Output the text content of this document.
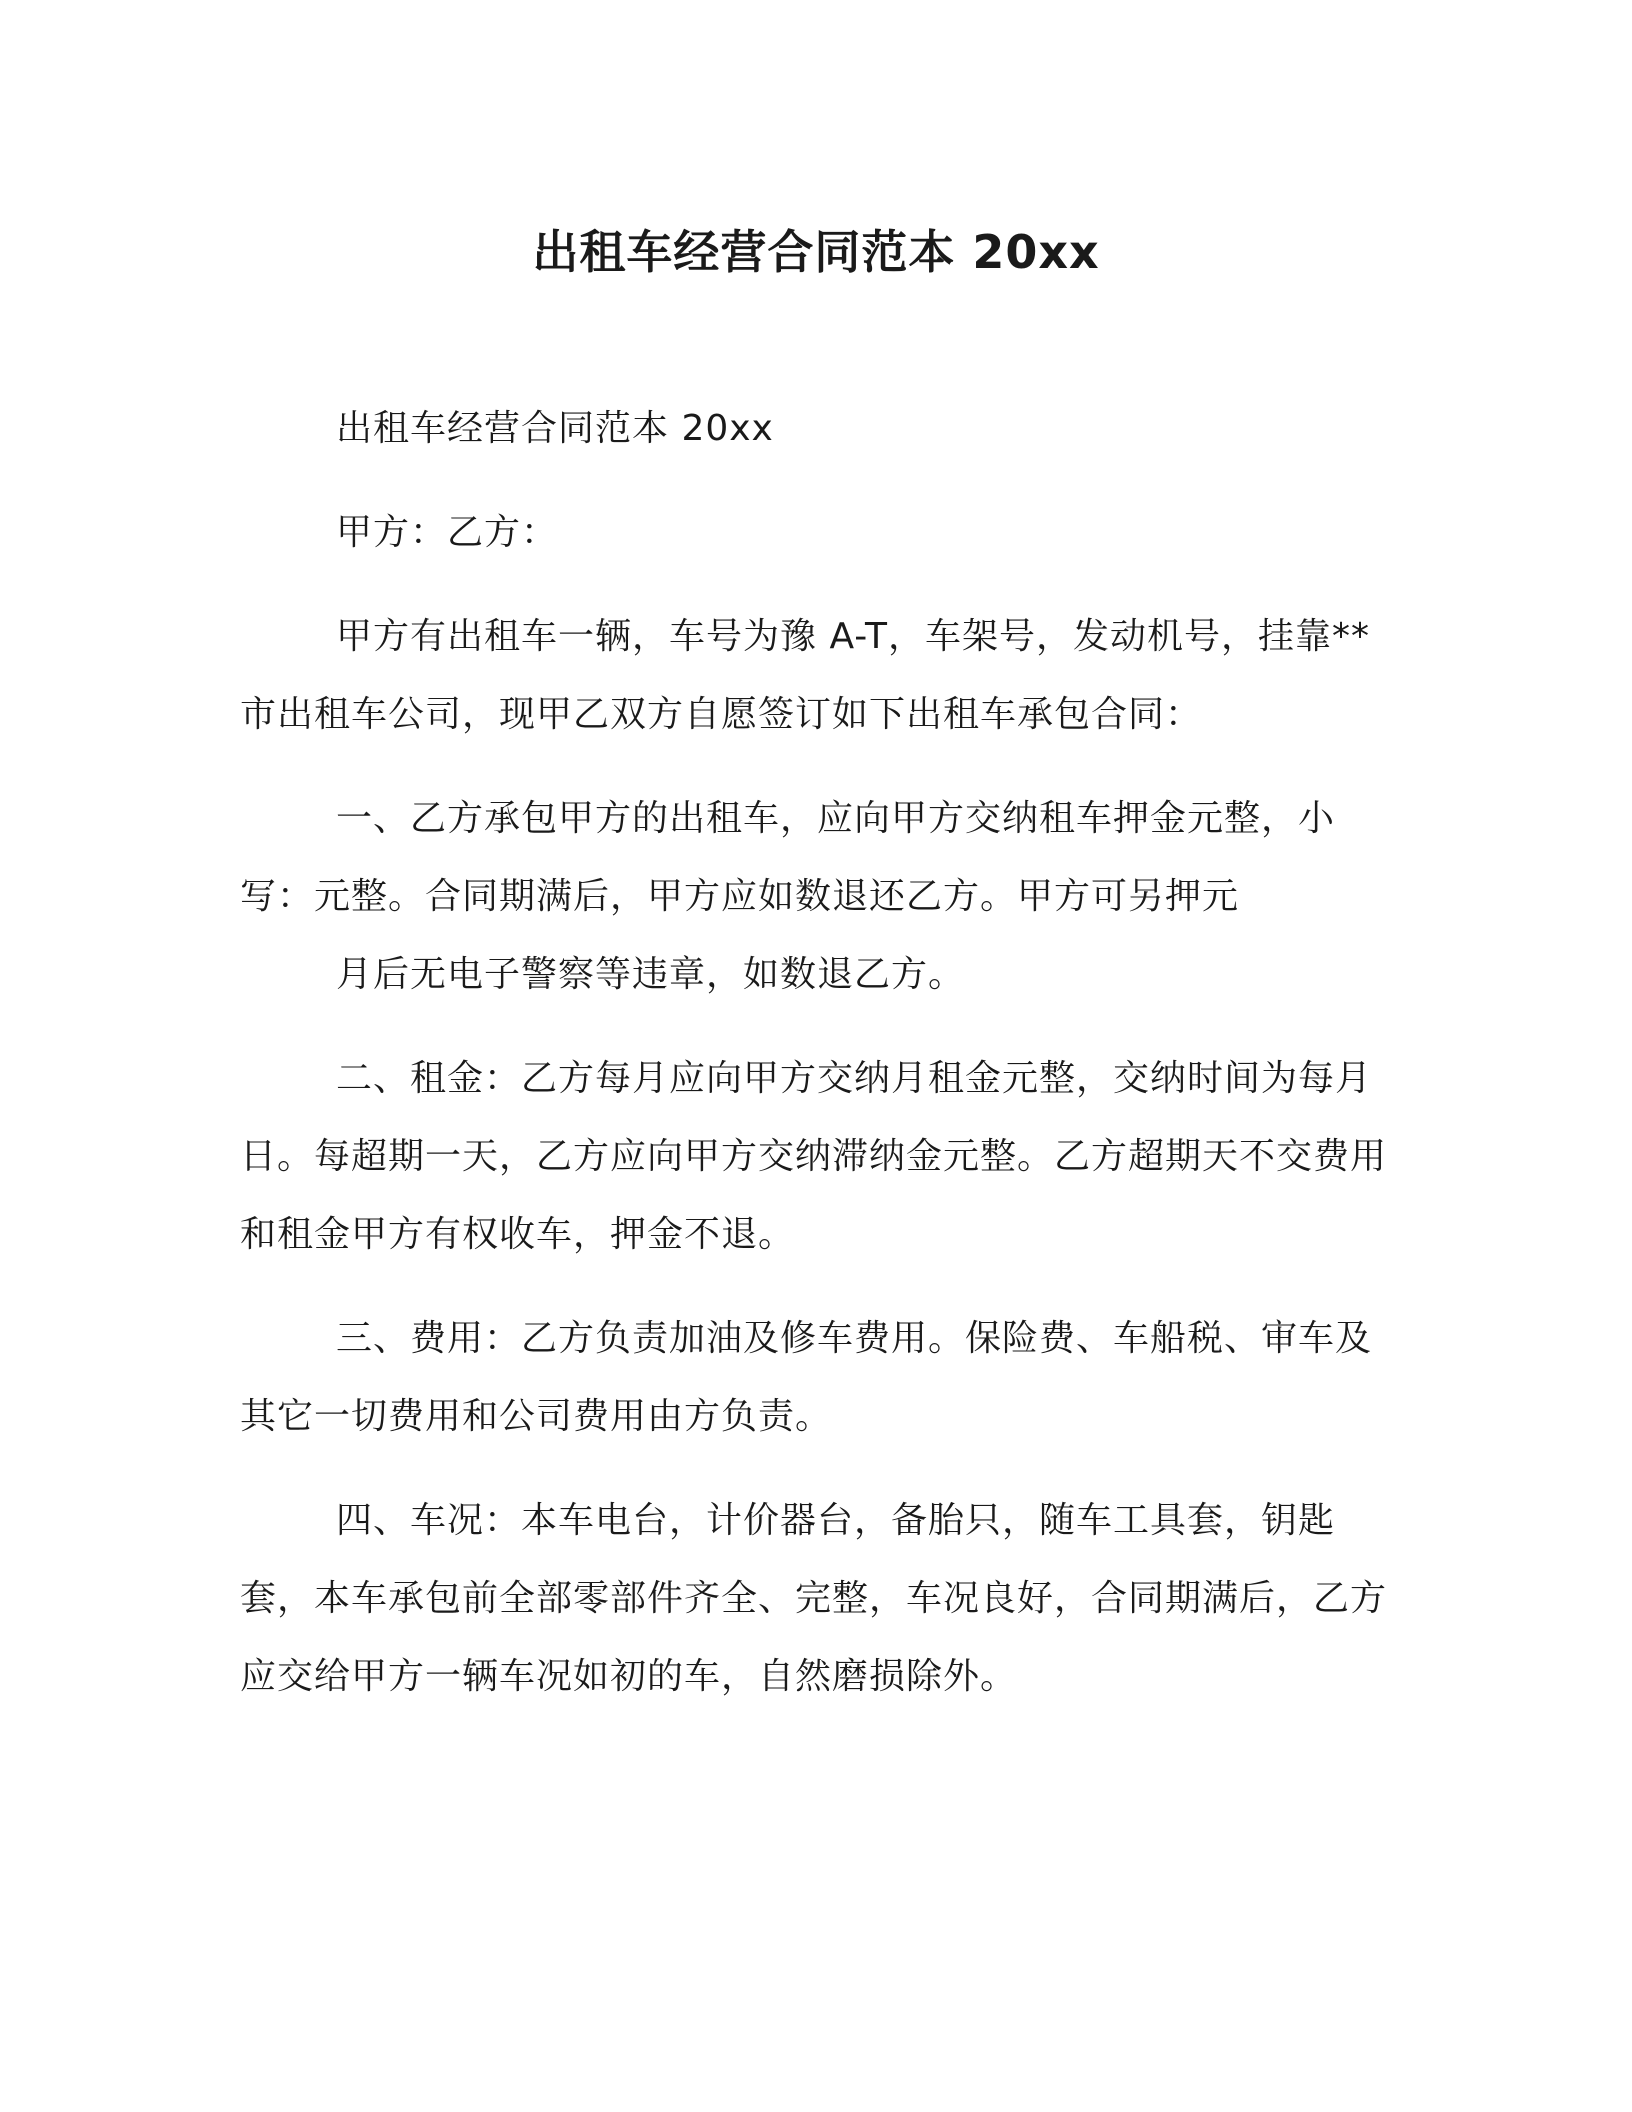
出租车经营合同范本 20xx

出租车经营合同范本 20xx

甲方：乙方：

甲方有出租车一辆，车号为豫 A-T，车架号，发动机号，挂靠**市出租车公司，现甲乙双方自愿签订如下出租车承包合同：

一、乙方承包甲方的出租车，应向甲方交纳租车押金元整，小写：元整。合同期满后，甲方应如数退还乙方。甲方可另押元

月后无电子警察等违章，如数退乙方。

二、租金：乙方每月应向甲方交纳月租金元整，交纳时间为每月日。每超期一天，乙方应向甲方交纳滞纳金元整。乙方超期天不交费用和租金甲方有权收车，押金不退。

三、费用：乙方负责加油及修车费用。保险费、车船税、审车及其它一切费用和公司费用由方负责。

四、车况：本车电台，计价器台，备胎只，随车工具套，钥匙套，本车承包前全部零部件齐全、完整，车况良好，合同期满后，乙方应交给甲方一辆车况如初的车，自然磨损除外。
